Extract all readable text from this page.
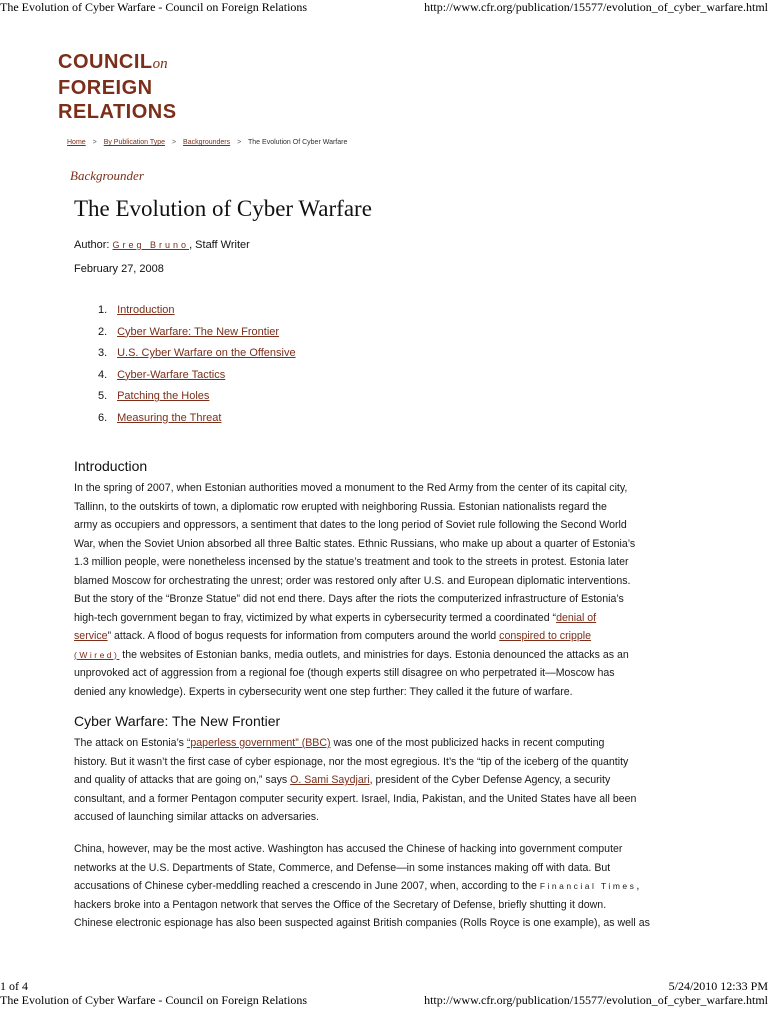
The Evolution of Cyber Warfare - Council on Foreign Relations	http://www.cfr.org/publication/15577/evolution_of_cyber_warfare.html
COUNCILon
FOREIGN
RELATIONS
Home > By Publication Type > Backgrounders > The Evolution Of Cyber Warfare
Backgrounder
The Evolution of Cyber Warfare
Author: Greg Bruno, Staff Writer
February 27, 2008
1. Introduction
2. Cyber Warfare: The New Frontier
3. U.S. Cyber Warfare on the Offensive
4. Cyber-Warfare Tactics
5. Patching the Holes
6. Measuring the Threat
Introduction

In the spring of 2007, when Estonian authorities moved a monument to the Red Army from the center of its capital city,
Tallinn, to the outskirts of town, a diplomatic row erupted with neighboring Russia. Estonian nationalists regard the
army as occupiers and oppressors, a sentiment that dates to the long period of Soviet rule following the Second World
War, when the Soviet Union absorbed all three Baltic states. Ethnic Russians, who make up about a quarter of Estonia’s
1.3 million people, were nonetheless incensed by the statue’s treatment and took to the streets in protest. Estonia later
blamed Moscow for orchestrating the unrest; order was restored only after U.S. and European diplomatic interventions.
But the story of the “Bronze Statue” did not end there. Days after the riots the computerized infrastructure of Estonia’s
high-tech government began to fray, victimized by what experts in cybersecurity termed a coordinated “denial of
service” attack. A flood of bogus requests for information from computers around the world conspired to cripple
(Wired) the websites of Estonian banks, media outlets, and ministries for days. Estonia denounced the attacks as an
unprovoked act of aggression from a regional foe (though experts still disagree on who perpetrated it—Moscow has
denied any knowledge). Experts in cybersecurity went one step further: They called it the future of warfare.

Cyber Warfare: The New Frontier

The attack on Estonia’s “paperless government” (BBC) was one of the most publicized hacks in recent computing
history. But it wasn’t the first case of cyber espionage, nor the most egregious. It’s the “tip of the iceberg of the quantity
and quality of attacks that are going on,” says O. Sami Saydjari, president of the Cyber Defense Agency, a security
consultant, and a former Pentagon computer security expert. Israel, India, Pakistan, and the United States have all been
accused of launching similar attacks on adversaries.

China, however, may be the most active. Washington has accused the Chinese of hacking into government computer
networks at the U.S. Departments of State, Commerce, and Defense—in some instances making off with data. But
accusations of Chinese cyber-meddling reached a crescendo in June 2007, when, according to the Financial Times,
hackers broke into a Pentagon network that serves the Office of the Secretary of Defense, briefly shutting it down.
Chinese electronic espionage has also been suspected against British companies (Rolls Royce is one example), as well as

1 of 4	5/24/2010 12:33 PM
The Evolution of Cyber Warfare - Council on Foreign Relations	http://www.cfr.org/publication/15577/evolution_of_cyber_warfare.html
